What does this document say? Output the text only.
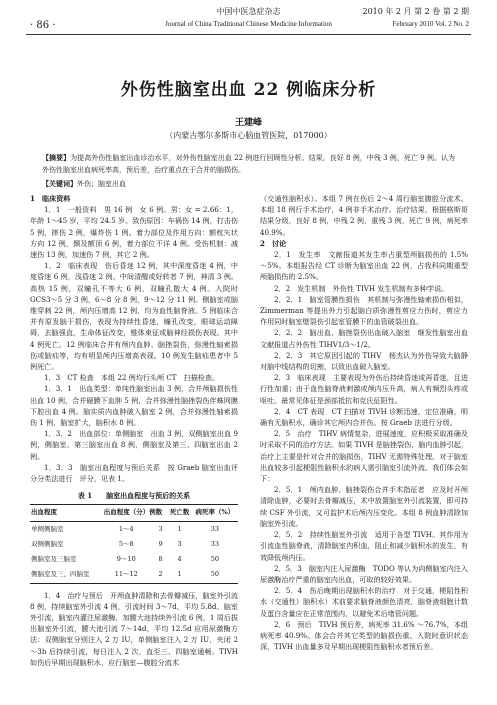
中国中医急症杂志
· 86 ·	Journal of China Traditional Chinese Medicine Information
2010 年 2 月 第 2 卷 第 2 期
February 2010 Vol. 2 No. 2
外伤性脑室出血 22 例临床分析
王建峰
（内蒙古鄂尔多斯市心脑血管医院，017000）
【摘要】为提高外伤性脑室出血诊治水平，对外伤性脑室出血 22 例进行回顾性分析。结果，良好 8 例，中残 3 例，死亡 9 例。认为外伤性脑室出血病死率高，预后差，治疗重点在于合并的脑损伤。
【关键词】外伤；脑室出血

1　临床资料

1．1　一般资料　男 16 例　女 6 例。男：女 = 2.66：1，年龄 1～45 岁，平均 24.5 岁。致伤原因：车祸伤 14 例，打击伤 5 例，摔伤 2 例，爆炸伤 1 例。着力部位及作用方向：额枕矢状方向 12 例，颞及额顶 6 例，着力部位不详 4 例。受伤机制：减速伤 13 例，加速伤 7 例，其它 2 例。

1．2　临床表现　伤后昏迷 12 例，其中深度昏迷 4 例，中度昏迷 6 例，浅昏迷 2 例。中间清醒或好转者 7 例，神清 3 例。高热 15 例，双瞳孔不等大 6 例，双瞳孔散大 4 例。入院时 GCS3～5 分 3 例，6～8 分 8 例，9～12 分 11 例。侧脑室或脑维穿刺 22 例，颅内压增高 12 例，均为血性脑脊液。5 例临床合并有原发脑干损伤，表现为持续性昏迷，瞳孔改变，眼球运动障碍，去脑强直，生命体征改变，锥体束征或脑神经损伤表现。其中 4 例死亡。12 例临床合并有颅内血肿、脑挫裂伤，弥漫性轴索损伤或脑疝等，均有明显颅内压增高表现。10 例发生脑疝患者中 5 例死亡。

1．3　CT 检查　本组 22 例均行头颅 CT　扫描检查。

1．3．1　出血类型：单纯性脑室出血 3 例，合并颅脑损伤性出血 10 例，合并硬膜下血肿 5 例，合并弥漫性脑挫裂伤伴蛛网膜下腔出血 4 例。脑实质内血肿破入脑室 2 例，合并弥漫性轴索损伤 1 例，脑室扩大，脑积水 8 例。

1．3．2　出血部位：单侧脑室　出血 3 例，双侧脑室出血 9 例，侧脑室、第三脑室出血 8 例，侧脑室及第三、四脑室出血 2 例。

1．3．3　脑室出血程度与预后关系　按 Graeb 脑室出血评分分类法进行　评分，见表 1。

表 1　　脑室出血程度与预后的关系
出血程度	出血程度（分）例数		死亡数	病死率（%）
单侧侧脑室	1～4	3	1	33
双侧侧脑室	5～8	9	3	33
侧脑室及三脑室	9～10	8	4	50
侧脑室及三、四脑室	11～12	2	1	50

1．4　治疗与预后　开颅血肿清除和去骨瓣减压，脑室外引流 8 例，持续脑室外引流 4 例，引流时间 3～7d，平均 5.8d。脑室外引流，脑室内灌注尿激酶，加腰大池持续外引流 6 例，1 周后拔出脑室外引流，腰大池引流 7～14d，平均 12.5d 应用尿激酶方法：双侧脑室分别注入 2 万 IU，单侧脑室注入 2 万 IU，夹闭 2～3h 后持续引流，每日注入 2 次，直至三、四脑室通畅。TIVH 如伤后早期出现脑积水，应行脑室—腹腔分流术

（交通性脑积水）。本组 7 例在伤后 2～4 周行脑室腹腔分流术。本组 18 例行手术治疗，4 例非手术治疗。治疗结果，根据格斯哥结果分级，良好 8 例，中残 2 例，重残 3 例，死亡 9 例，病死率 40.9%。

2　讨论

2．1　发生率　文献报道其发生率占重型颅脑损伤的 1.5% ～5%。本组报告经 CT 诊断为脑室出血 22 例，占我科同期重型颅脑损伤的 2.5%。

2．2　发生机制　外伤性 TIVH 发生机制有多种学说。

2．2．1　脑室管膜性损伤　其机制与弥漫性轴索损伤相似，Zimmerman 等提出外力引起脑白质弥漫性剪应力伤时，剪应力作用同时脑室壁裂伤引起室管膜下的血管破裂出血。

2．2．2　脑出血、脑挫裂伤出血破入脑室　继发性脑室出血文献报道占外伤性 TIHV1/3～1/2。

2．2．3　其它原因引起的 TIHV　杨杰认为外伤导致大脑静对脑中线结构的切割，以致出血破入脑室。

2．3　临床表现　主要表现为外伤后持续昏迷或再昏迷，且进行性加重；由于血性脑脊液刺激或颅内压升高，病人有频烈头疼或呕吐。最常见体征是颈部抵抗和克氏征阳性。

2．4　CT 表现　CT 扫描对 TIVH 诊断迅速，定位准确，明确有无脑积水，确诊其它颅内合并伤。按 Graeb 法进行分级。

2．5　治疗　TIHV 病情复杂，进展速度，应积极采取准确及时采取不同的治疗方法。如果 TIVH 是脑挫裂伤、脑内血肿引起，治疗上主要是针对合并的脑损伤，TIHV 无需特殊处理。对于脑室出血较多引起梗阻性脑积水的病人需引脑室引流外流。我们体会如下：

2．5．1　颅内血肿、脑挫裂伤合并手术指征者　应及时开颅清除血肿，必要时去骨瓣减压，术中放置脑室外引流装置，即可持续 CSF 外引流，又可监护术后颅内压变化。本组 8 例血肿清除加脑室外引流。

2．5．2　持续性脑室外引流　适用于各型 TIVH。其作用为引流血性脑脊液，清除脑室内积血，阻止和减少脑积水的发生，有效降低颅内压。

2．5．3　脑室内注入尿激酶　TODO 等认为向侧脑室内注入尿激酶治疗严重的脑室内出血，可取的较好效果。

2．5．4　伤后晚期出现脑积水的治疗　对于交通，梗阻性积水（交通性）脑积水）术前要求脑脊液颜色清亮，脑脊液细胞计数及蛋白含量应在正常范围内，以避免术后堵管问题。

2．6　预后　TIVH 预后差，病死率 31.6% ～76.7%，本组病死率 40.9%。体会合并其它类型的脑损伤重、入院时意识状态深，TIVH 出血量多及早期出现梗阻性脑积水者预后差。
